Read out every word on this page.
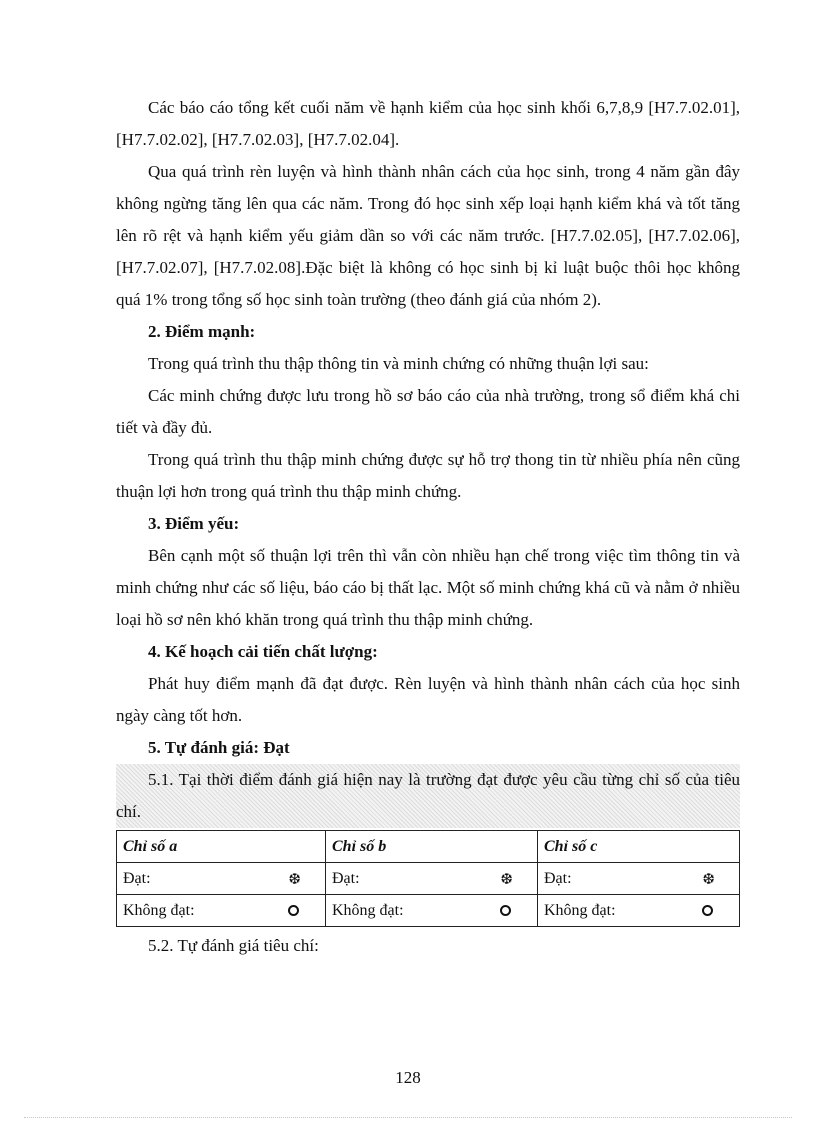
Các báo cáo tổng kết cuối năm về hạnh kiểm của học sinh khối 6,7,8,9 [H7.7.02.01], [H7.7.02.02], [H7.7.02.03], [H7.7.02.04].

Qua quá trình rèn luyện và hình thành nhân cách của học sinh, trong 4 năm gần đây không ngừng tăng lên qua các năm. Trong đó học sinh xếp loại hạnh kiểm khá và tốt tăng lên rõ rệt và hạnh kiểm yếu giảm dần so với các năm trước. [H7.7.02.05], [H7.7.02.06], [H7.7.02.07], [H7.7.02.08].Đặc biệt là không có học sinh bị kỉ luật buộc thôi học không quá 1% trong tổng số học sinh toàn trường (theo đánh giá của nhóm 2).

2. Điểm mạnh:

Trong quá trình thu thập thông tin và minh chứng có những thuận lợi sau:

Các minh chứng được lưu trong hồ sơ báo cáo của nhà trường, trong sổ điểm khá chi tiết và đầy đủ.

Trong quá trình thu thập minh chứng được sự hỗ trợ thong tin từ nhiều phía nên cũng thuận lợi hơn trong quá trình thu thập minh chứng.

3. Điểm yếu:

Bên cạnh một số thuận lợi trên thì vẫn còn nhiều hạn chế trong việc tìm thông tin và minh chứng như các số liệu, báo cáo bị thất lạc. Một số minh chứng khá cũ và nằm ở nhiều loại hồ sơ nên khó khăn trong quá trình thu thập minh chứng.

4. Kế hoạch cải tiến chất lượng:

Phát huy điểm mạnh đã đạt được. Rèn luyện và hình thành nhân cách của học sinh ngày càng tốt hơn.

5. Tự đánh giá: Đạt

5.1. Tại thời điểm đánh giá hiện nay là trường đạt được yêu cầu từng chỉ số của tiêu chí.

Chỉ số a	Chỉ số b	Chỉ số c

Đạt: ❆	Đạt: ❆	Đạt: ❆

Không đạt:	Không đạt:	Không đạt:

5.2. Tự đánh giá tiêu chí:

128
